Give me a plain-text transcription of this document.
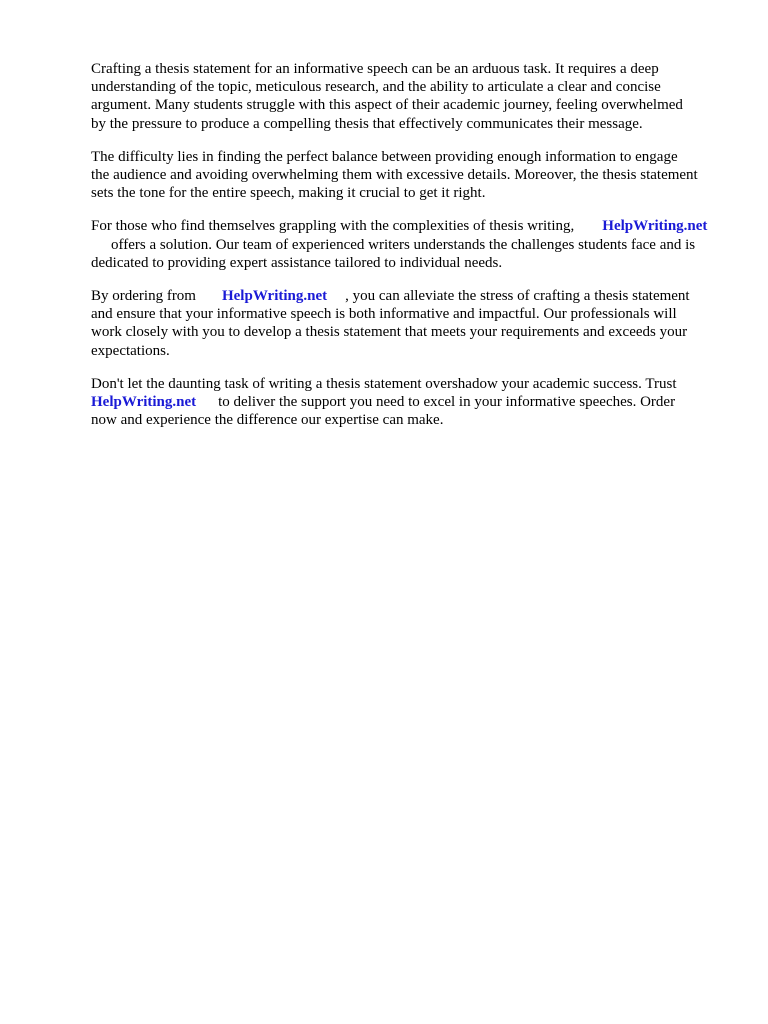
Crafting a thesis statement for an informative speech can be an arduous task. It requires a deep
understanding of the topic, meticulous research, and the ability to articulate a clear and concise
argument. Many students struggle with this aspect of their academic journey, feeling overwhelmed
by the pressure to produce a compelling thesis that effectively communicates their message.
The difficulty lies in finding the perfect balance between providing enough information to engage
the audience and avoiding overwhelming them with excessive details. Moreover, the thesis statement
sets the tone for the entire speech, making it crucial to get it right.
For those who find themselves grappling with the complexities of thesis writing, HelpWriting.net
offers a solution. Our team of experienced writers understands the challenges students face and is
dedicated to providing expert assistance tailored to individual needs.
By ordering from HelpWriting.net , you can alleviate the stress of crafting a thesis statement
and ensure that your informative speech is both informative and impactful. Our professionals will
work closely with you to develop a thesis statement that meets your requirements and exceeds your
expectations.
Don't let the daunting task of writing a thesis statement overshadow your academic success. Trust
HelpWriting.net to deliver the support you need to excel in your informative speeches. Order
now and experience the difference our expertise can make.
